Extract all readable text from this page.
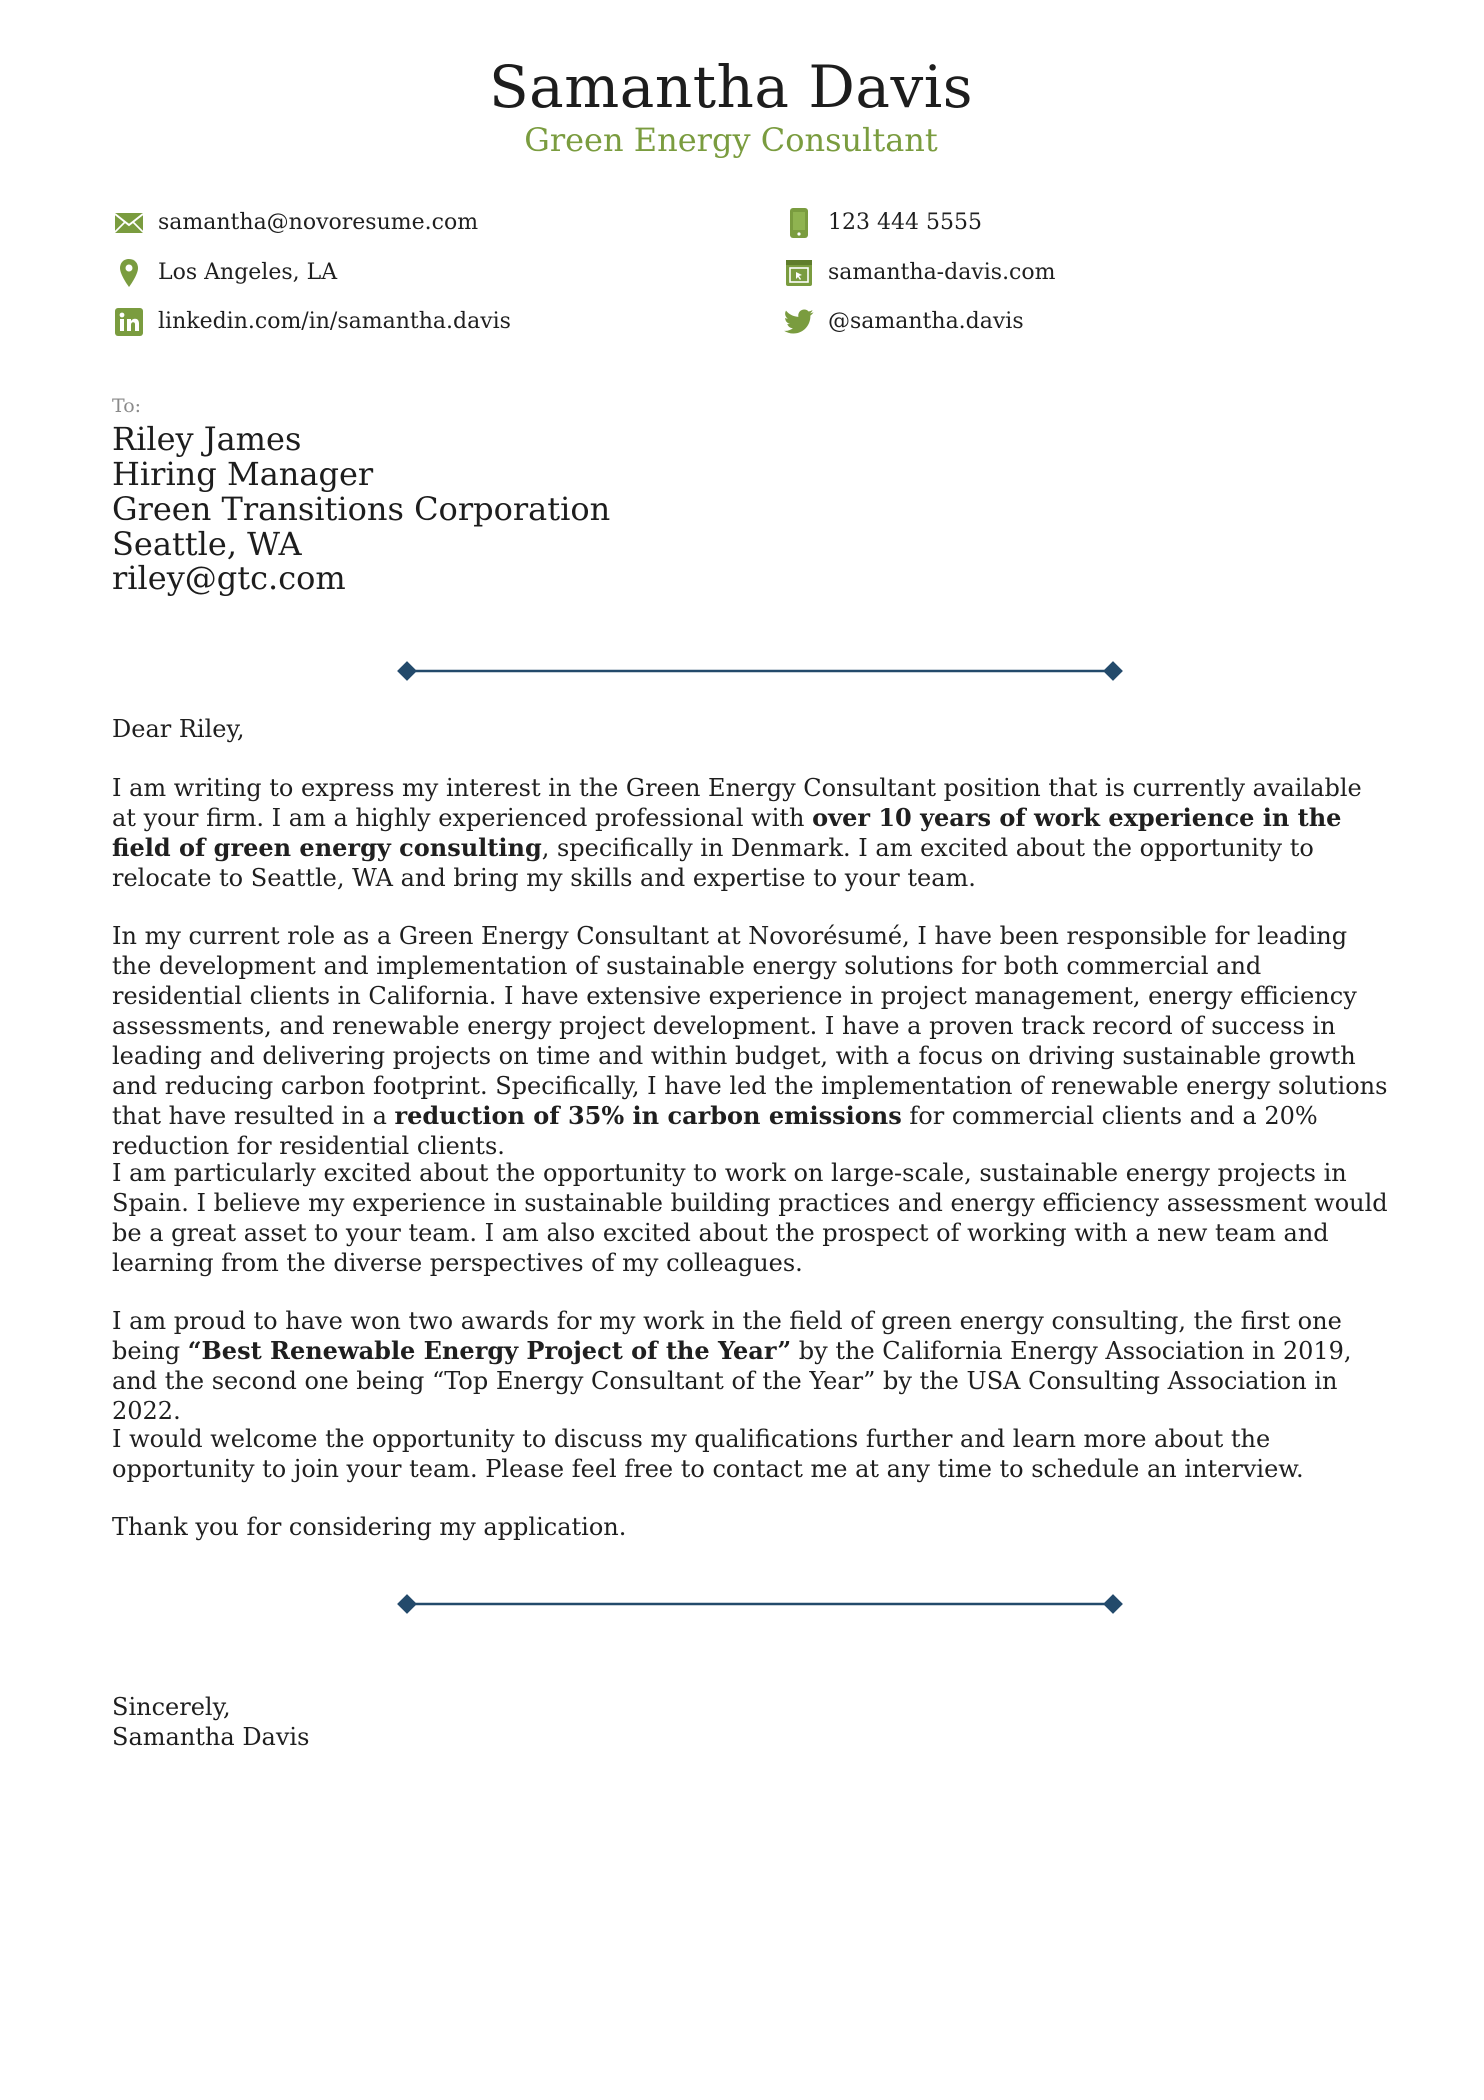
Samantha Davis
Green Energy Consultant
samantha@novoresume.com
Los Angeles, LA
linkedin.com/in/samantha.davis
123 444 5555
samantha-davis.com
@samantha.davis
To:
Riley James
Hiring Manager
Green Transitions Corporation
Seattle, WA
riley@gtc.com

Dear Riley,

I am writing to express my interest in the Green Energy Consultant position that is currently available at your firm. I am a highly experienced professional with over 10 years of work experience in the field of green energy consulting, specifically in Denmark. I am excited about the opportunity to relocate to Seattle, WA and bring my skills and expertise to your team.

In my current role as a Green Energy Consultant at Novorésumé, I have been responsible for leading the development and implementation of sustainable energy solutions for both commercial and residential clients in California. I have extensive experience in project management, energy efficiency assessments, and renewable energy project development. I have a proven track record of success in leading and delivering projects on time and within budget, with a focus on driving sustainable growth and reducing carbon footprint. Specifically, I have led the implementation of renewable energy solutions that have resulted in a reduction of 35% in carbon emissions for commercial clients and a 20% reduction for residential clients.

I am particularly excited about the opportunity to work on large-scale, sustainable energy projects in Spain. I believe my experience in sustainable building practices and energy efficiency assessment would be a great asset to your team. I am also excited about the prospect of working with a new team and learning from the diverse perspectives of my colleagues.

I am proud to have won two awards for my work in the field of green energy consulting, the first one being “Best Renewable Energy Project of the Year” by the California Energy Association in 2019, and the second one being “Top Energy Consultant of the Year” by the USA Consulting Association in 2022.

I would welcome the opportunity to discuss my qualifications further and learn more about the opportunity to join your team. Please feel free to contact me at any time to schedule an interview.

Thank you for considering my application.

Sincerely,
Samantha Davis
